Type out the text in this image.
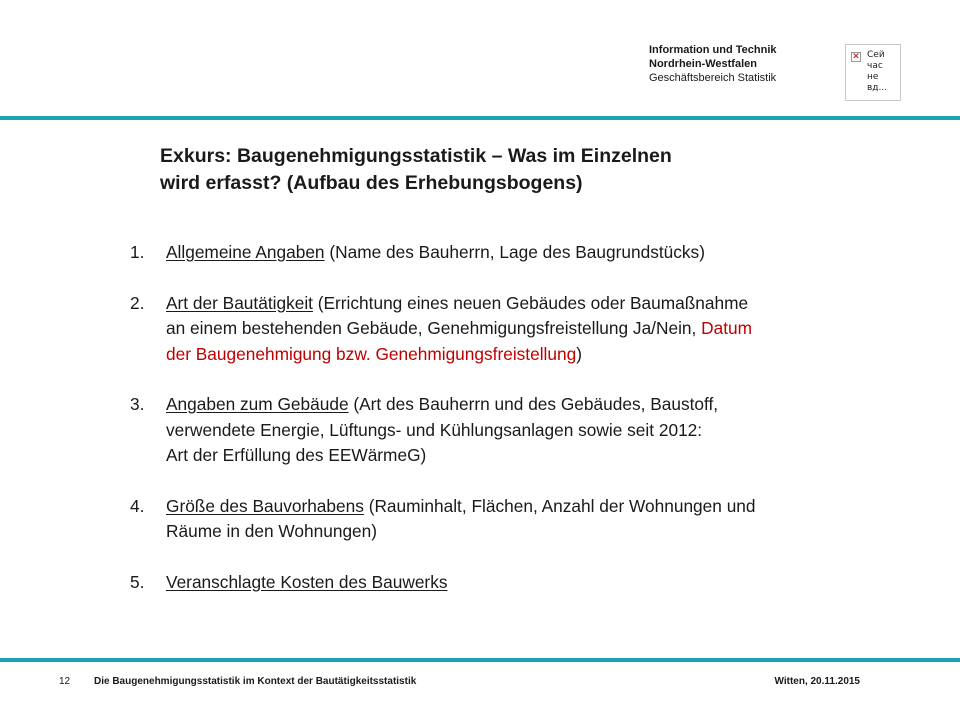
Information und Technik
Nordrhein-Westfalen
Geschäftsbereich Statistik
✕ Сей
час
не
вд...
Exkurs: Baugenehmigungsstatistik – Was im Einzelnen
wird erfasst? (Aufbau des Erhebungsbogens)
1. Allgemeine Angaben (Name des Bauherrn, Lage des Baugrundstücks)
2. Art der Bautätigkeit (Errichtung eines neuen Gebäudes oder Baumaßnahme
an einem bestehenden Gebäude, Genehmigungsfreistellung Ja/Nein, Datum
der Baugenehmigung bzw. Genehmigungsfreistellung)
3. Angaben zum Gebäude (Art des Bauherrn und des Gebäudes, Baustoff,
verwendete Energie, Lüftungs- und Kühlungsanlagen sowie seit 2012:
Art der Erfüllung des EEWärmeG)
4. Größe des Bauvorhabens (Rauminhalt, Flächen, Anzahl der Wohnungen und
Räume in den Wohnungen)
5. Veranschlagte Kosten des Bauwerks
12 Die Baugenehmigungsstatistik im Kontext der Bautätigkeitsstatistik	Witten, 20.11.2015
